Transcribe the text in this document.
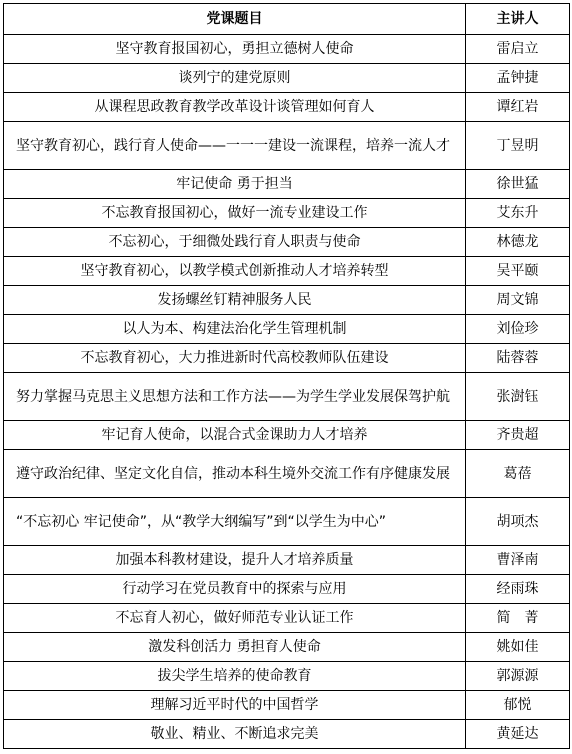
党课题目	主讲人
坚守教育报国初心，勇担立德树人使命	雷启立
谈列宁的建党原则	孟钟捷
从课程思政教育教学改革设计谈管理如何育人	谭红岩
坚守教育初心，践行育人使命——一一一建设一流课程，培养一流人才	丁昱明
牢记使命 勇于担当	徐世猛
不忘教育报国初心，做好一流专业建设工作	艾东升
不忘初心，于细微处践行育人职责与使命	林德龙
坚守教育初心，以教学模式创新推动人才培养转型	吴平颐
发扬螺丝钉精神服务人民	周文锦
以人为本、构建法治化学生管理机制	刘俭珍
不忘教育初心，大力推进新时代高校教师队伍建设	陆蓉蓉
努力掌握马克思主义思想方法和工作方法——为学生学业发展保驾护航	张澍钰
牢记育人使命，以混合式金课助力人才培养	齐贵超
遵守政治纪律、坚定文化自信，推动本科生境外交流工作有序健康发展	葛蓓
“不忘初心 牢记使命”，从“教学大纲编写”到“以学生为中心”	胡项杰
加强本科教材建设，提升人才培养质量	曹泽南
行动学习在党员教育中的探索与应用	经雨珠
不忘育人初心，做好师范专业认证工作	简　菁
激发科创活力 勇担育人使命	姚如佳
拔尖学生培养的使命教育	郭源源
理解习近平时代的中国哲学	郁悦
敬业、精业、不断追求完美	黄延达
